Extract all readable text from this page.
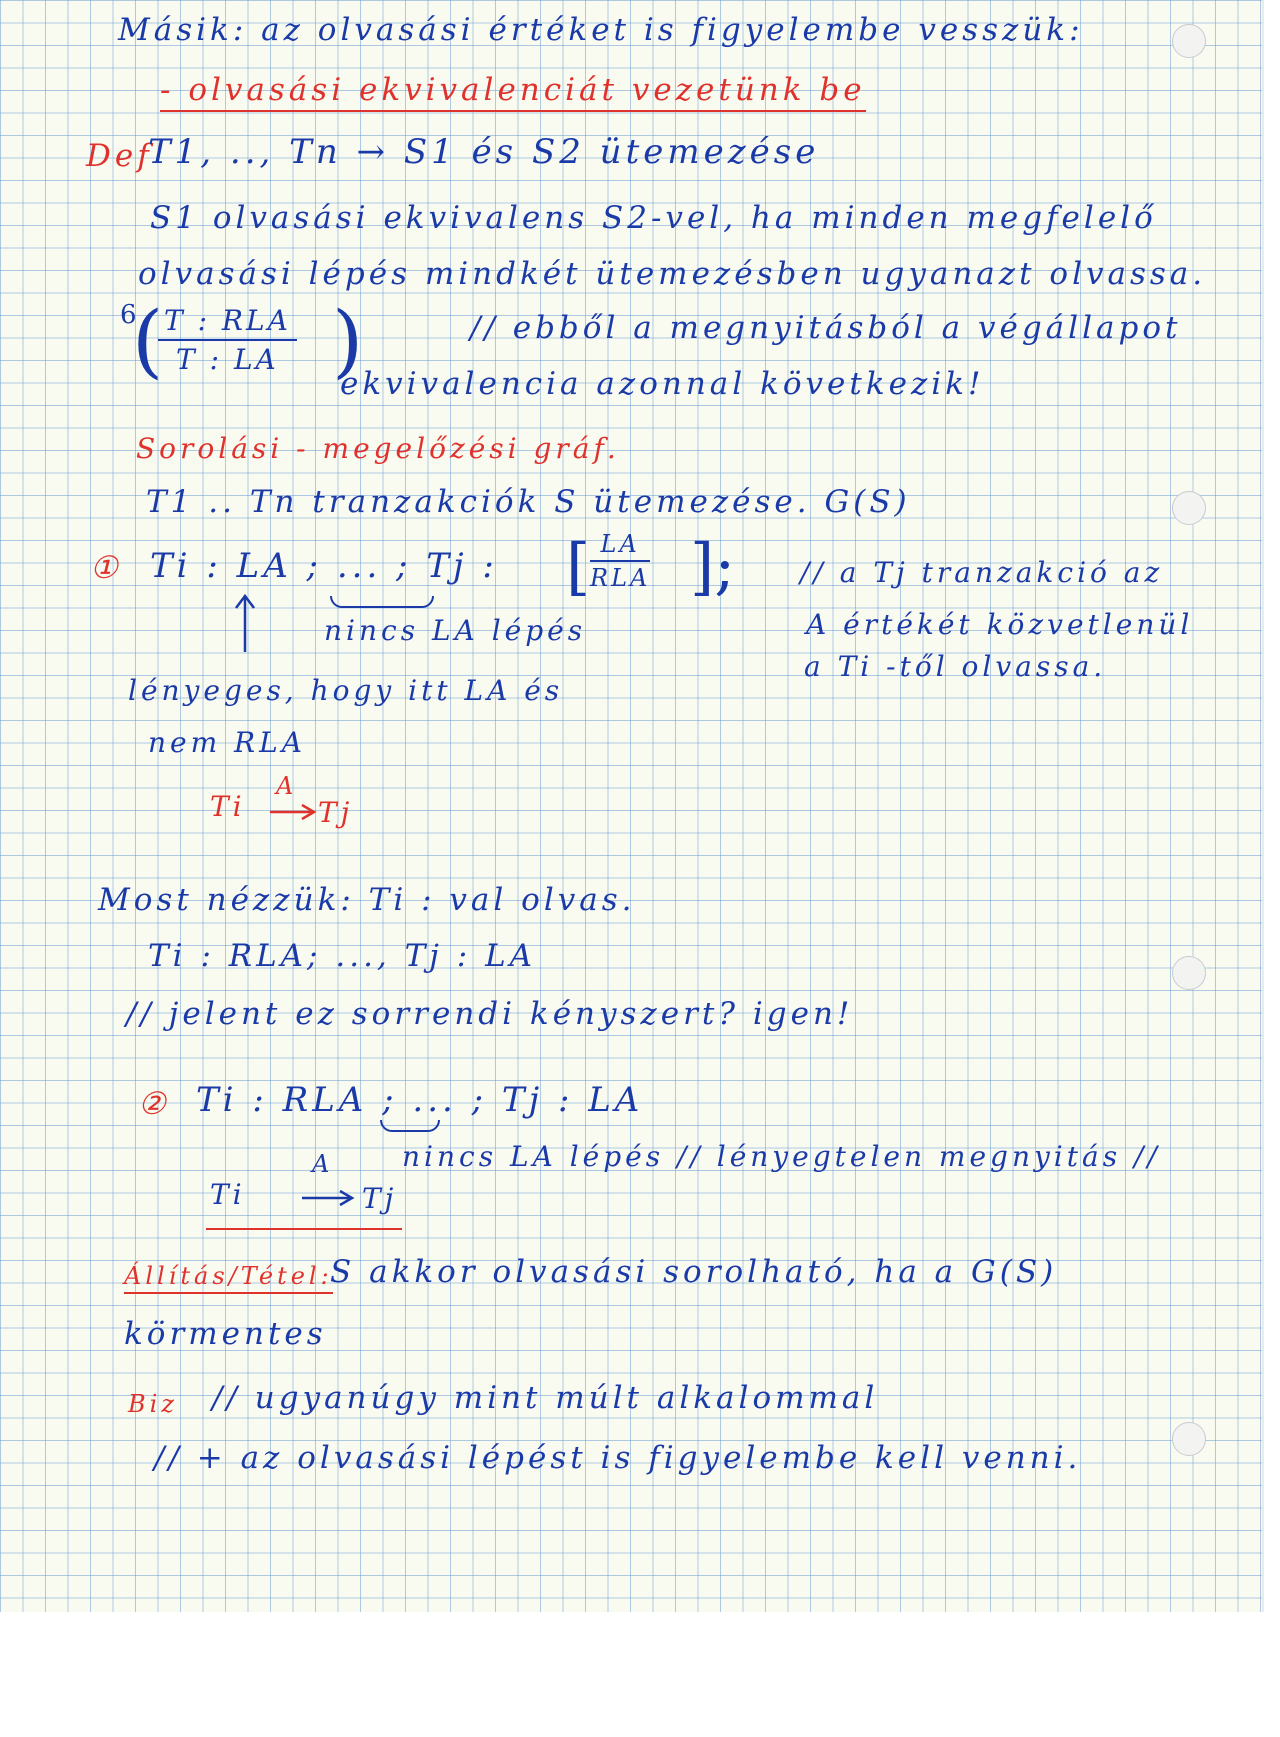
Másik: az olvasási értéket is figyelembe vesszük:

- olvasási ekvivalenciát vezetünk be

Def

T1, .., Tn → S1 és S2 ütemezése

S1 olvasási ekvivalens S2-vel, ha minden megfelelő

olvasási lépés mindkét ütemezésben ugyanazt olvassa.

6
( T : RLA
T : LA )	// ebből a megnyitásból a végállapot

ekvivalencia azonnal következik!

Sorolási - megelőzési gráf.

T1 .. Tn tranzakciók S ütemezése. G(S)

① Ti : LA ; ... ; Tj : [ LA
RLA ]; // a Tj tranzakció az

nincs LA lépés	A értékét közvetlenül

lényeges, hogy itt LA és

a Ti -től olvassa.

nem RLA

Ti

A

Tj

Most nézzük: Ti : val olvas.

Ti : RLA; ..., Tj : LA

// jelent ez sorrendi kényszert? igen!

② Ti : RLA ; ... ; Tj : LA

nincs LA lépés // lényegtelen megnyitás //

Ti

A

Tj

Állítás/Tétel:

S akkor olvasási sorolható, ha a G(S)

körmentes

Biz // ugyanúgy mint múlt alkalommal

// + az olvasási lépést is figyelembe kell venni.
